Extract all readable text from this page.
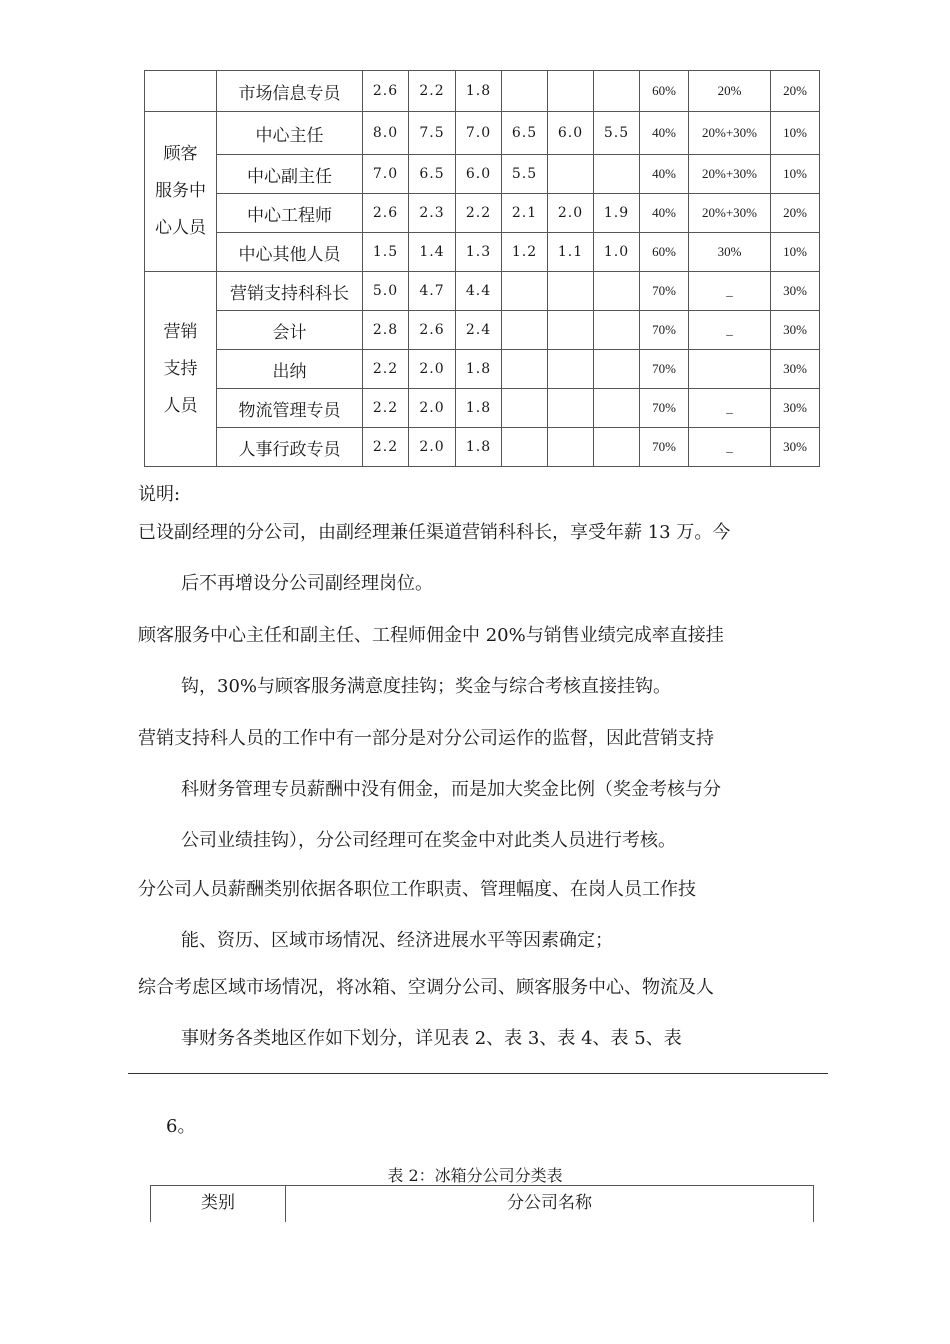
	市场信息专员	2.6	2.2	1.8				60%	20%	20%

顾客
服务中
心人员	中心主任	8.0	7.5	7.0	6.5	6.0	5.5	40%	20%+30%	10%
	中心副主任	7.0	6.5	6.0	5.5			40%	20%+30%	10%
	中心工程师	2.6	2.3	2.2	2.1	2.0	1.9	40%	20%+30%	20%
	中心其他人员	1.5	1.4	1.3	1.2	1.1	1.0	60%	30%	10%

营销
支持
人员	营销支持科科长	5.0	4.7	4.4				70%	_	30%
	会计	2.8	2.6	2.4				70%	_	30%
	出纳	2.2	2.0	1.8				70%		30%
	物流管理专员	2.2	2.0	1.8				70%	_	30%
	人事行政专员	2.2	2.0	1.8				70%	_	30%
说明:
已设副经理的分公司，由副经理兼任渠道营销科科长，享受年薪 13 万。今
后不再增设分公司副经理岗位。
顾客服务中心主任和副主任、工程师佣金中 20%与销售业绩完成率直接挂
钩，30%与顾客服务满意度挂钩；奖金与综合考核直接挂钩。
营销支持科人员的工作中有一部分是对分公司运作的监督，因此营销支持
科财务管理专员薪酬中没有佣金，而是加大奖金比例（奖金考核与分
公司业绩挂钩），分公司经理可在奖金中对此类人员进行考核。
分公司人员薪酬类别依据各职位工作职责、管理幅度、在岗人员工作技
能、资历、区域市场情况、经济进展水平等因素确定；
综合考虑区域市场情况，将冰箱、空调分公司、顾客服务中心、物流及人
事财务各类地区作如下划分，详见表 2、表 3、表 4、表 5、表
6。
表 2：冰箱分公司分类表
类别	分公司名称
